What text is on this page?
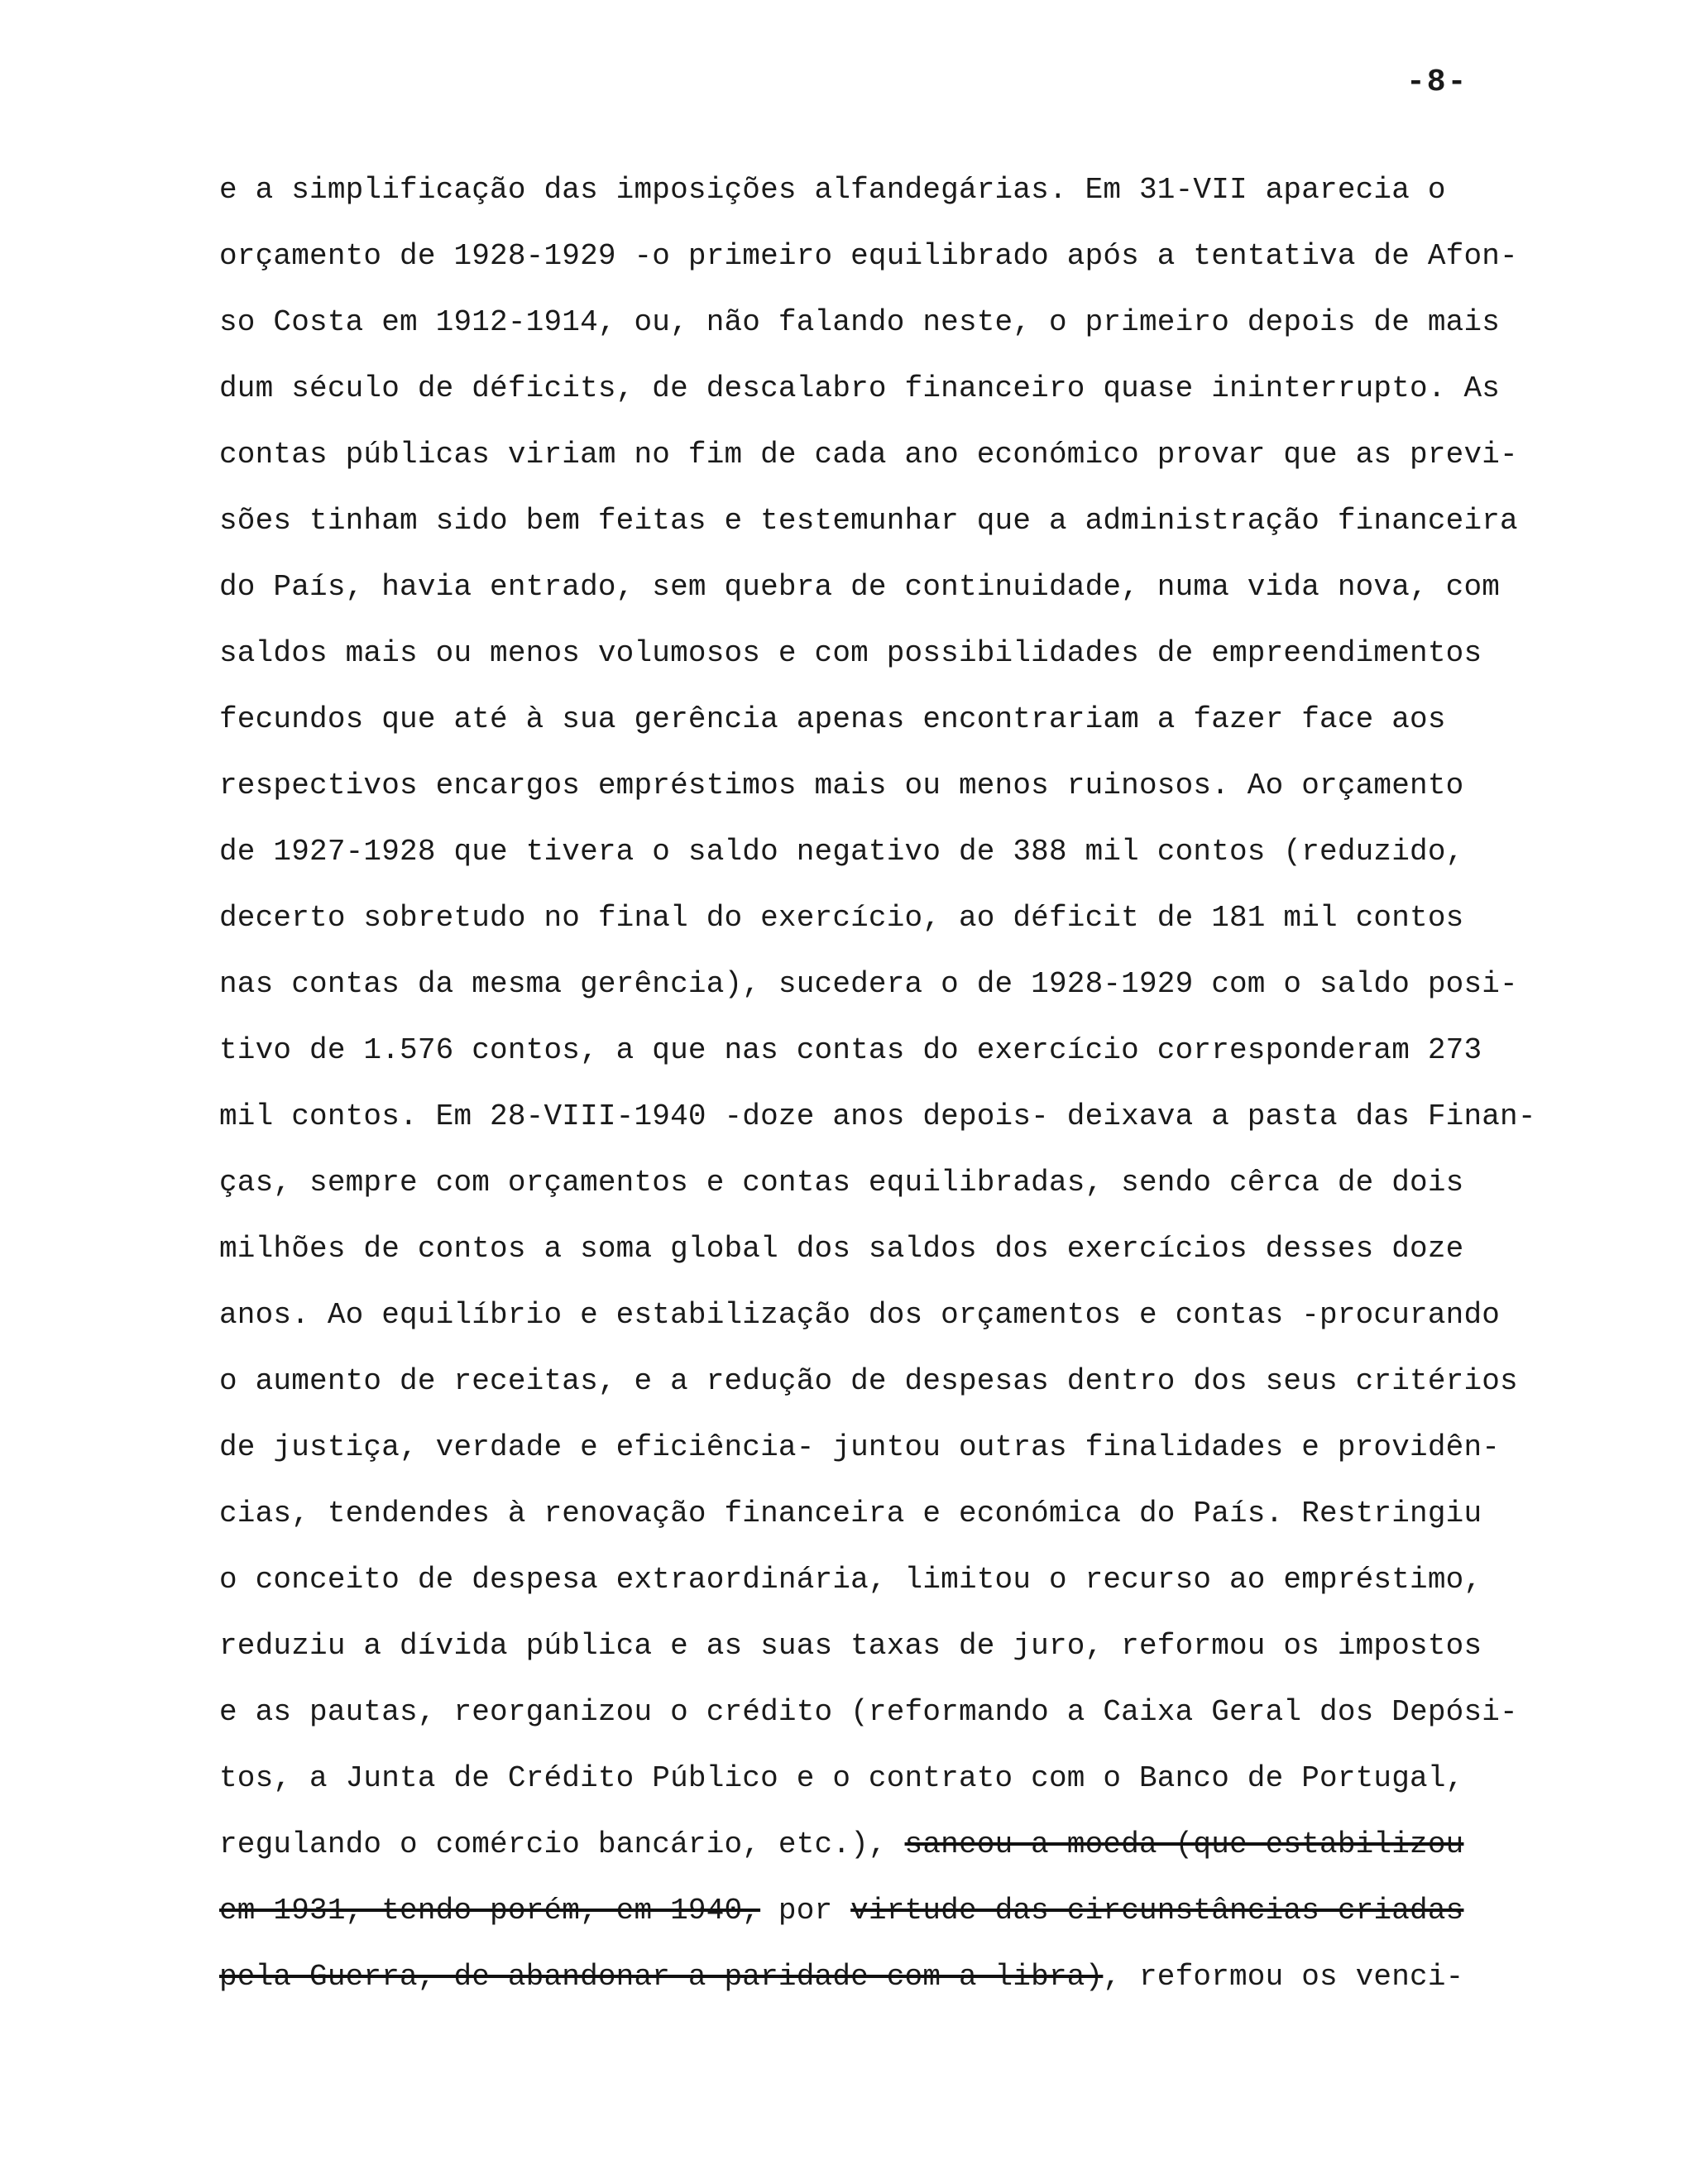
-8-
e a simplificação das imposições alfandegárias. Em 31-VII aparecia o
orçamento de 1928-1929 -o primeiro equilibrado após a tentativa de Afon-
so Costa em 1912-1914, ou, não falando neste, o primeiro depois de mais
dum século de déficits, de descalabro financeiro quase ininterrupto. As
contas públicas viriam no fim de cada ano económico provar que as previ-
sões tinham sido bem feitas e testemunhar que a administração financeira
do País, havia entrado, sem quebra de continuidade, numa vida nova, com
saldos mais ou menos volumosos e com possibilidades de empreendimentos
fecundos que até à sua gerência apenas encontrariam a fazer face aos
respectivos encargos empréstimos mais ou menos ruinosos. Ao orçamento
de 1927-1928 que tivera o saldo negativo de 388 mil contos (reduzido,
decerto sobretudo no final do exercício, ao déficit de 181 mil contos
nas contas da mesma gerência), sucedera o de 1928-1929 com o saldo posi-
tivo de 1.576 contos, a que nas contas do exercício corresponderam 273
mil contos. Em 28-VIII-1940 -doze anos depois- deixava a pasta das Finan-
ças, sempre com orçamentos e contas equilibradas, sendo cêrca de dois
milhões de contos a soma global dos saldos dos exercícios desses doze
anos. Ao equilíbrio e estabilização dos orçamentos e contas -procurando
o aumento de receitas, e a redução de despesas dentro dos seus critérios
de justiça, verdade e eficiência- juntou outras finalidades e providên-
cias, tendendes à renovação financeira e económica do País. Restringiu
o conceito de despesa extraordinária, limitou o recurso ao empréstimo,
reduziu a dívida pública e as suas taxas de juro, reformou os impostos
e as pautas, reorganizou o crédito (reformando a Caixa Geral dos Depósi-
tos, a Junta de Crédito Público e o contrato com o Banco de Portugal,
regulando o comércio bancário, etc.), saneou a moeda (que estabilizou
em 1931, tendo porém, em 1940, por virtude das circunstâncias criadas
pela Guerra, de abandonar a paridade com a libra), reformou os venci-
